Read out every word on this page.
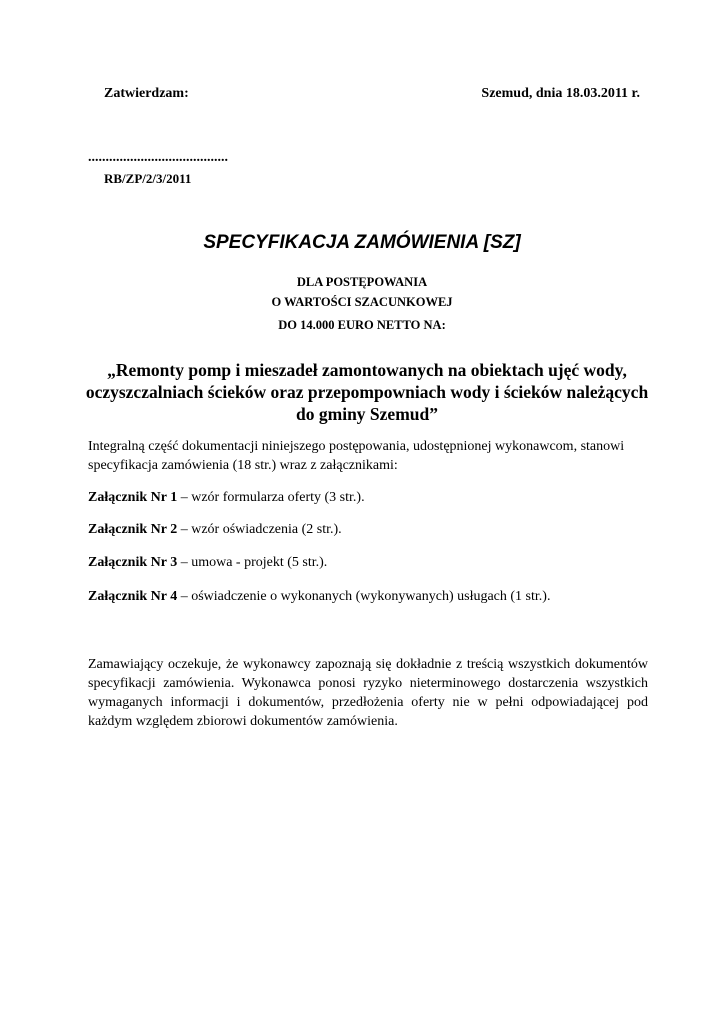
Zatwierdzam:	Szemud, dnia 18.03.2011 r.
........................................
RB/ZP/2/3/2011
SPECYFIKACJA ZAMÓWIENIA [SZ]
DLA POSTĘPOWANIA
O WARTOŚCI SZACUNKOWEJ
DO 14.000 EURO NETTO NA:
„Remonty pomp i mieszadeł zamontowanych na obiektach ujęć wody,
oczyszczalniach ścieków oraz przepompowniach wody i ścieków należących
do gminy Szemud”
Integralną część dokumentacji niniejszego postępowania, udostępnionej wykonawcom, stanowi
specyfikacja zamówienia (18 str.) wraz z załącznikami:
Załącznik Nr 1 – wzór formularza oferty (3 str.).
Załącznik Nr 2 – wzór oświadczenia (2 str.).
Załącznik Nr 3 – umowa - projekt (5 str.).
Załącznik Nr 4 – oświadczenie o wykonanych (wykonywanych) usługach (1 str.).
Zamawiający oczekuje, że wykonawcy zapoznają się dokładnie z treścią wszystkich dokumentów specyfikacji zamówienia. Wykonawca ponosi ryzyko nieterminowego dostarczenia wszystkich wymaganych informacji i dokumentów, przedłożenia oferty nie w pełni odpowiadającej pod każdym względem zbiorowi dokumentów zamówienia.
